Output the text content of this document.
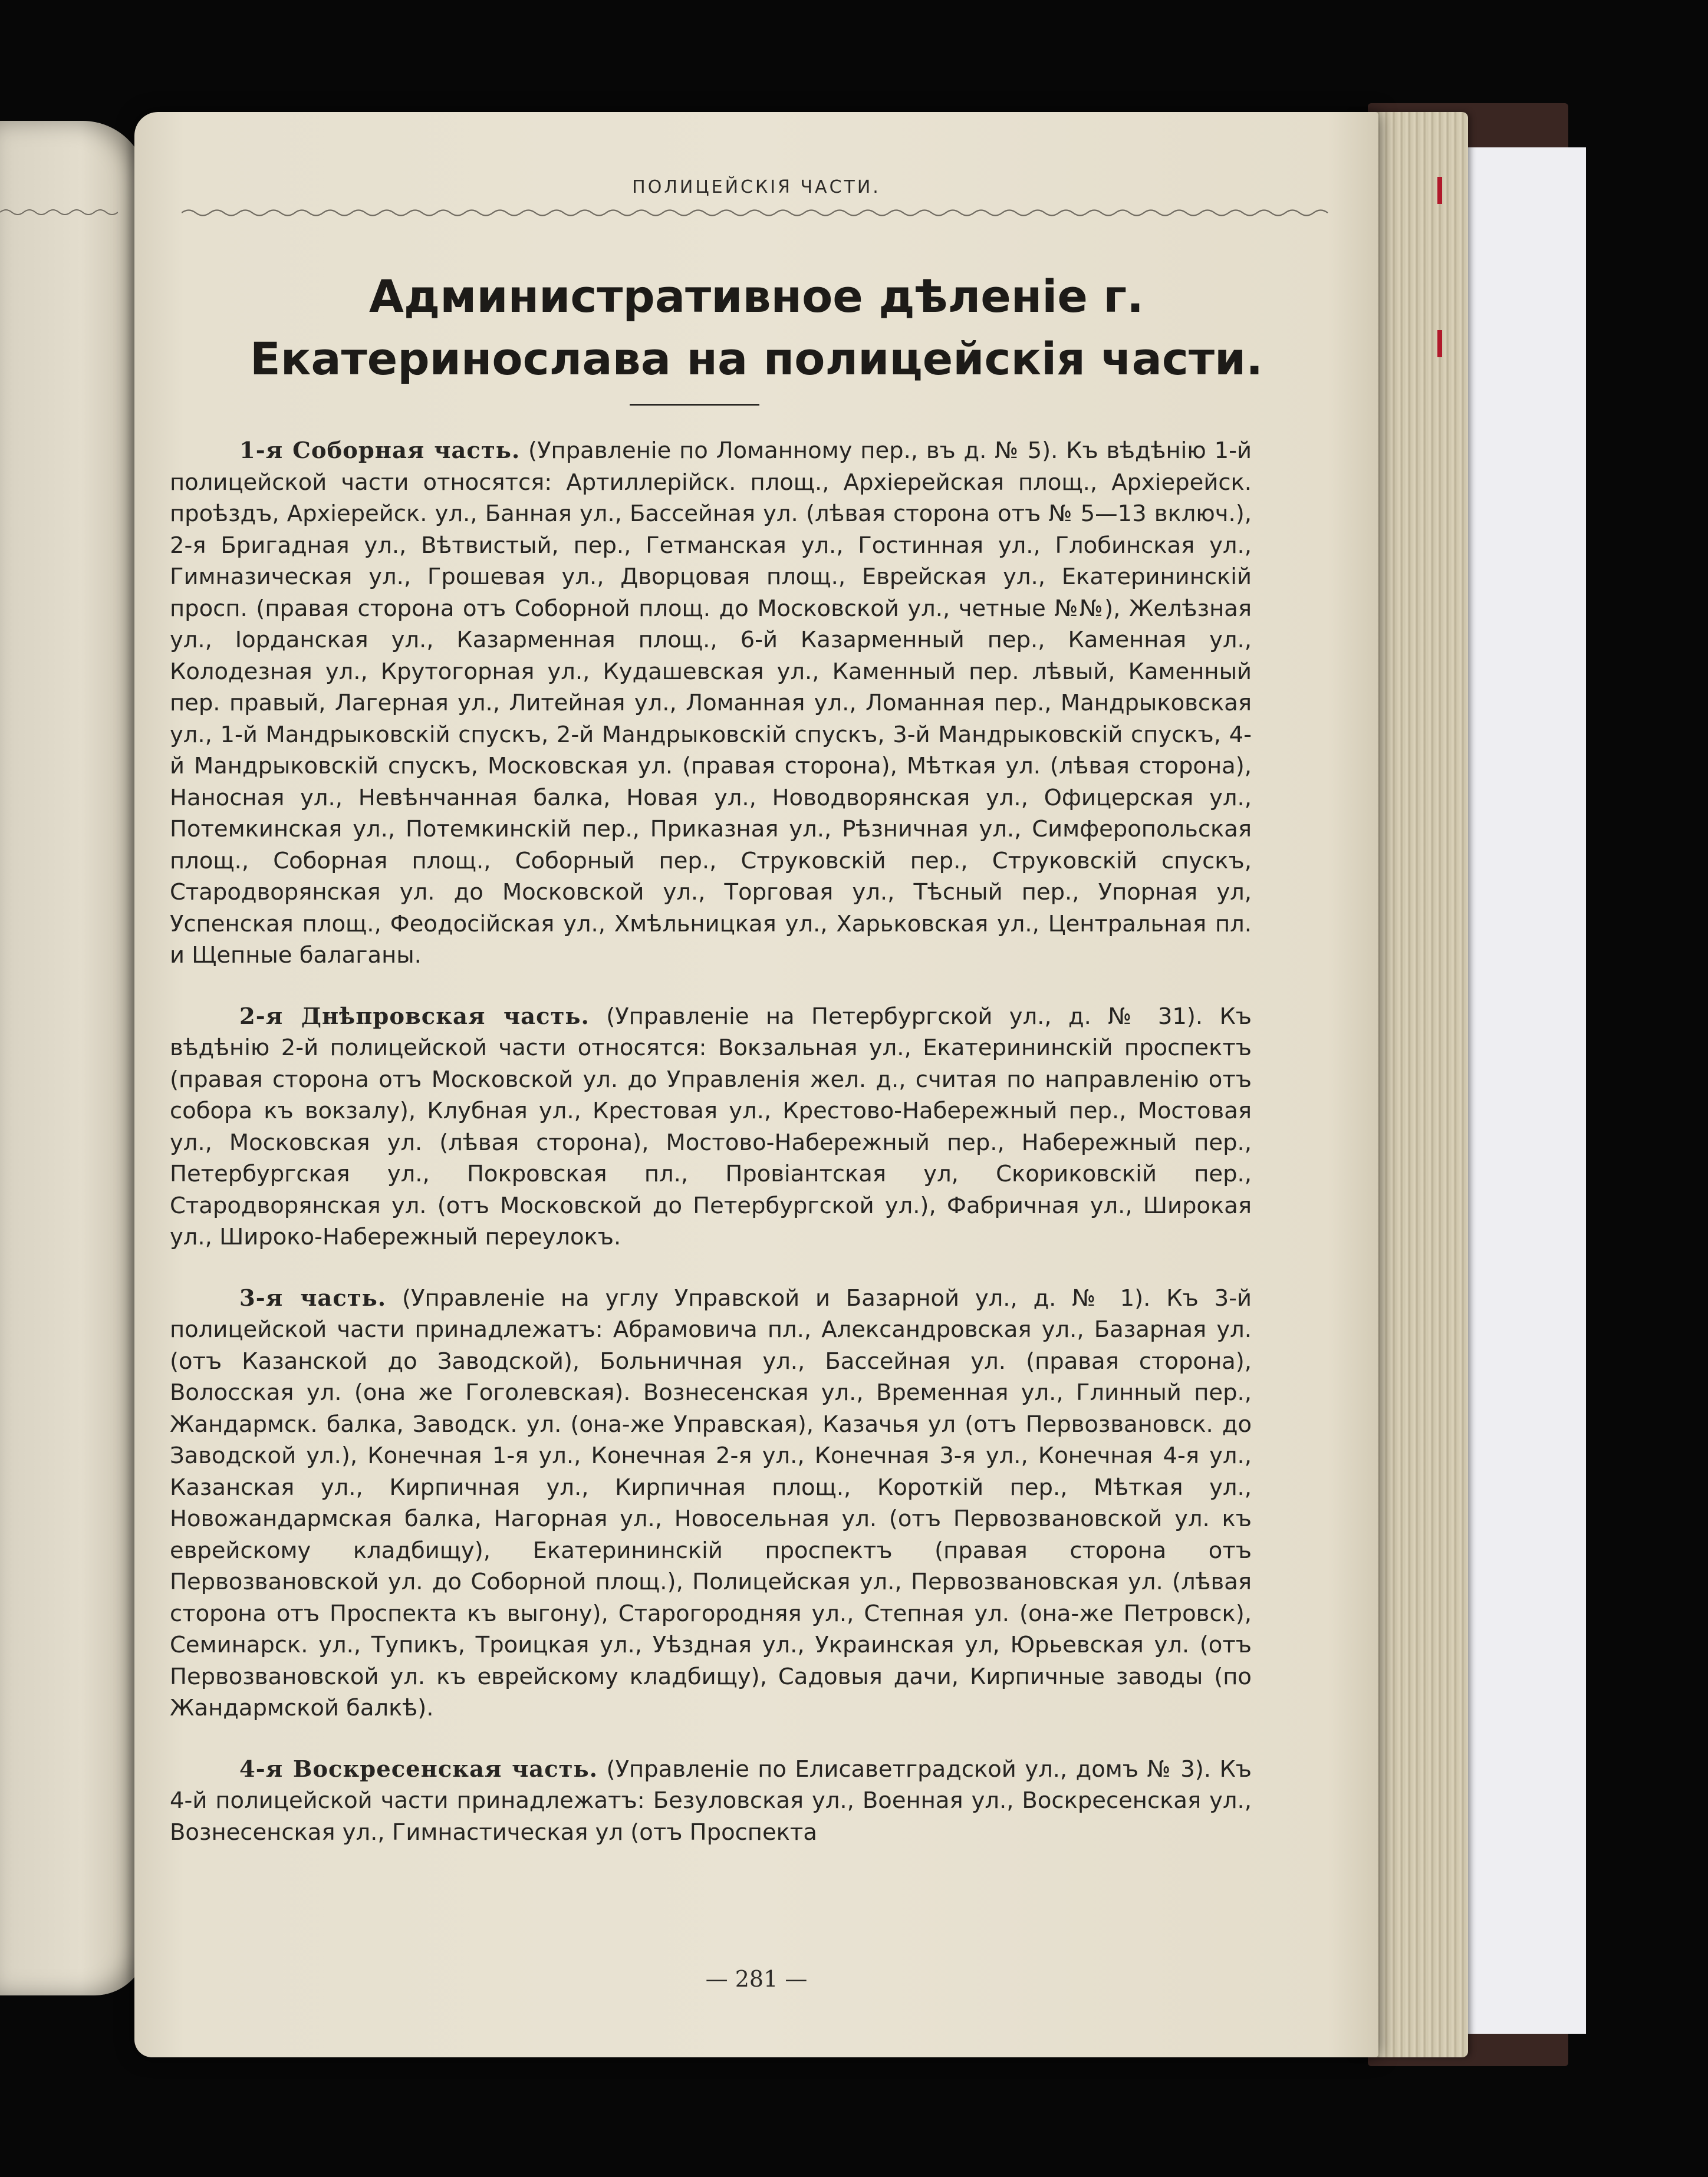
ПОЛИЦЕЙСКІЯ ЧАСТИ.
Административное дѣленіе г. Екатеринослава на полицейскія части.

1-я Соборная часть. (Управленіе по Ломанному пер., въ д. № 5). Къ вѣдѣнію 1-й полицейской части относятся: Артиллерійск. площ., Архіерейская площ., Архіерейск. проѣздъ, Архіерейск. ул., Банная ул., Бассейная ул. (лѣвая сторона отъ № 5—13 включ.), 2-я Бригадная ул., Вѣтвистый, пер., Гетманская ул., Гостинная ул., Глобинская ул., Гимназическая ул., Грошевая ул., Дворцовая площ., Еврейская ул., Екатерининскій просп. (правая сторона отъ Соборной площ. до Московской ул., четные №№), Желѣзная ул., Іорданская ул., Казарменная площ., 6-й Казарменный пер., Каменная ул., Колодезная ул., Крутогорная ул., Кудашевская ул., Каменный пер. лѣвый, Каменный пер. правый, Лагерная ул., Литейная ул., Ломанная ул., Ломанная пер., Мандрыковская ул., 1-й Мандрыковскій спускъ, 2-й Мандрыковскій спускъ, 3-й Мандрыковскій спускъ, 4-й Мандрыковскій спускъ, Московская ул. (правая сторона), Мѣткая ул. (лѣвая сторона), Наносная ул., Невѣнчанная балка, Новая ул., Новодворянская ул., Офицерская ул., Потемкинская ул., Потемкинскій пер., Приказная ул., Рѣзничная ул., Симферопольская площ., Соборная площ., Соборный пер., Струковскій пер., Струковскій спускъ, Стародворянская ул. до Московской ул., Торговая ул., Тѣсный пер., Упорная ул, Успенская площ., Феодосійская ул., Хмѣльницкая ул., Харьковская ул., Центральная пл. и Щепные балаганы.

2-я Днѣпровская часть. (Управленіе на Петербургской ул., д. № 31). Къ вѣдѣнію 2-й полицейской части относятся: Вокзальная ул., Екатерининскій проспектъ (правая сторона отъ Московской ул. до Управленія жел. д., считая по направленію отъ собора къ вокзалу), Клубная ул., Крестовая ул., Крестово-Набережный пер., Мостовая ул., Московская ул. (лѣвая сторона), Мостово-Набережный пер., Набережный пер., Петербургская ул., Покровская пл., Провіантская ул, Скориковскій пер., Стародворянская ул. (отъ Московской до Петербургской ул.), Фабричная ул., Широкая ул., Широко-Набережный переулокъ.

3-я часть. (Управленіе на углу Управской и Базарной ул., д. № 1). Къ 3-й полицейской части принадлежатъ: Абрамовича пл., Александровская ул., Базарная ул. (отъ Казанской до Заводской), Больничная ул., Бассейная ул. (правая сторона), Волосская ул. (она же Гоголевская). Вознесенская ул., Временная ул., Глинный пер., Жандармск. балка, Заводск. ул. (она-же Управская), Казачья ул (отъ Первозвановск. до Заводской ул.), Конечная 1-я ул., Конечная 2-я ул., Конечная 3-я ул., Конечная 4-я ул., Казанская ул., Кирпичная ул., Кирпичная площ., Короткій пер., Мѣткая ул., Новожандармская балка, Нагорная ул., Новосельная ул. (отъ Первозвановской ул. къ еврейскому кладбищу), Екатерининскій проспектъ (правая сторона отъ Первозвановской ул. до Соборной площ.), Полицейская ул., Первозвановская ул. (лѣвая сторона отъ Проспекта къ выгону), Старогородняя ул., Степная ул. (она-же Петровск), Семинарск. ул., Тупикъ, Троицкая ул., Уѣздная ул., Украинская ул, Юрьевская ул. (отъ Первозвановской ул. къ еврейскому кладбищу), Садовыя дачи, Кирпичные заводы (по Жандармской балкѣ).

4-я Воскресенская часть. (Управленіе по Елисаветградской ул., домъ № 3). Къ 4-й полицейской части принадлежатъ: Безуловская ул., Военная ул., Воскресенская ул., Вознесенская ул., Гимнастическая ул (отъ Проспекта

— 281 —
